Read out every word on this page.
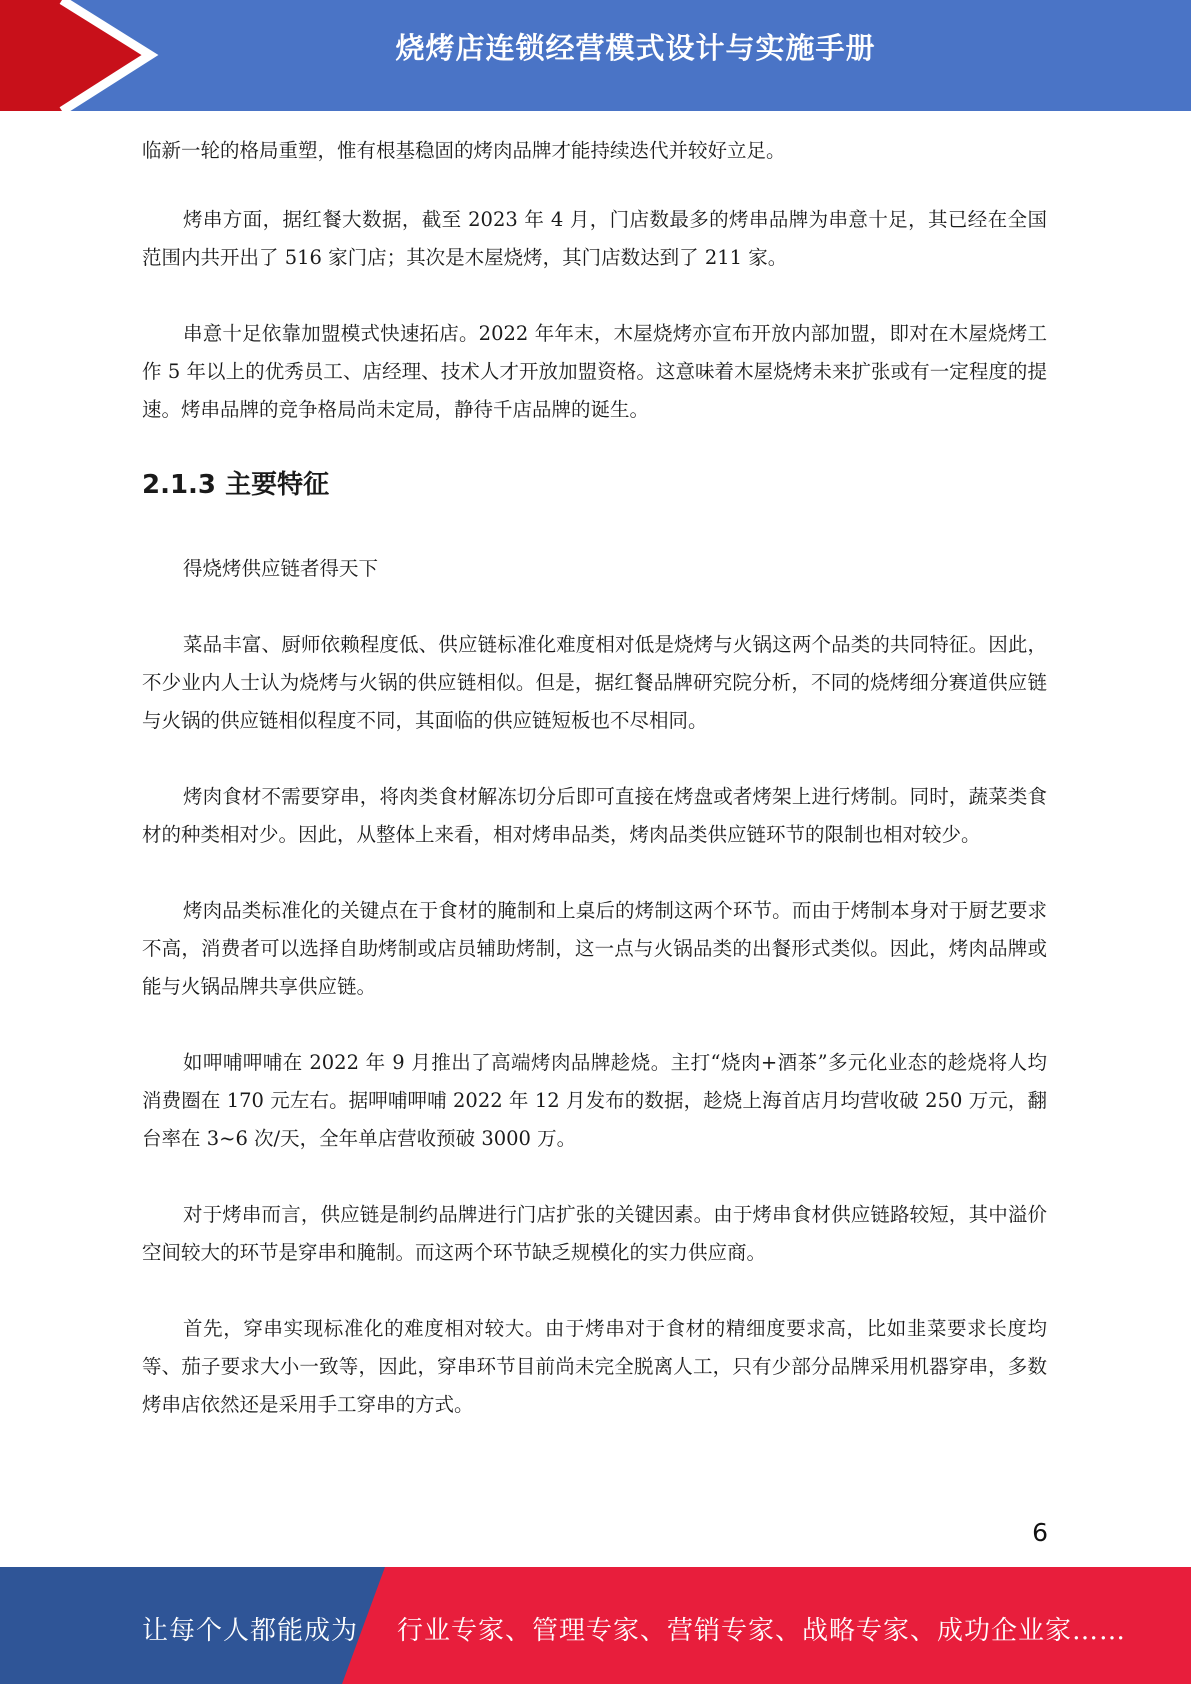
烧烤店连锁经营模式设计与实施手册

临新一轮的格局重塑，惟有根基稳固的烤肉品牌才能持续迭代并较好立足。

烤串方面，据红餐大数据，截至 2023 年 4 月，门店数最多的烤串品牌为串意十足，其已经在全国范围内共开出了 516 家门店；其次是木屋烧烤，其门店数达到了 211 家。

串意十足依靠加盟模式快速拓店。2022 年年末，木屋烧烤亦宣布开放内部加盟，即对在木屋烧烤工作 5 年以上的优秀员工、店经理、技术人才开放加盟资格。这意味着木屋烧烤未来扩张或有一定程度的提速。烤串品牌的竞争格局尚未定局，静待千店品牌的诞生。

2.1.3 主要特征

得烧烤供应链者得天下

菜品丰富、厨师依赖程度低、供应链标准化难度相对低是烧烤与火锅这两个品类的共同特征。因此，不少业内人士认为烧烤与火锅的供应链相似。但是，据红餐品牌研究院分析，不同的烧烤细分赛道供应链与火锅的供应链相似程度不同，其面临的供应链短板也不尽相同。

烤肉食材不需要穿串，将肉类食材解冻切分后即可直接在烤盘或者烤架上进行烤制。同时，蔬菜类食材的种类相对少。因此，从整体上来看，相对烤串品类，烤肉品类供应链环节的限制也相对较少。

烤肉品类标准化的关键点在于食材的腌制和上桌后的烤制这两个环节。而由于烤制本身对于厨艺要求不高，消费者可以选择自助烤制或店员辅助烤制，这一点与火锅品类的出餐形式类似。因此，烤肉品牌或能与火锅品牌共享供应链。

如呷哺呷哺在 2022 年 9 月推出了高端烤肉品牌趁烧。主打“烧肉+酒茶”多元化业态的趁烧将人均消费圈在 170 元左右。据呷哺呷哺 2022 年 12 月发布的数据，趁烧上海首店月均营收破 250 万元，翻台率在 3~6 次/天，全年单店营收预破 3000 万。

对于烤串而言，供应链是制约品牌进行门店扩张的关键因素。由于烤串食材供应链路较短，其中溢价空间较大的环节是穿串和腌制。而这两个环节缺乏规模化的实力供应商。

首先，穿串实现标准化的难度相对较大。由于烤串对于食材的精细度要求高，比如韭菜要求长度均等、茄子要求大小一致等，因此，穿串环节目前尚未完全脱离人工，只有少部分品牌采用机器穿串，多数烤串店依然还是采用手工穿串的方式。

6
让每个人都能成为 行业专家、管理专家、营销专家、战略专家、成功企业家……
